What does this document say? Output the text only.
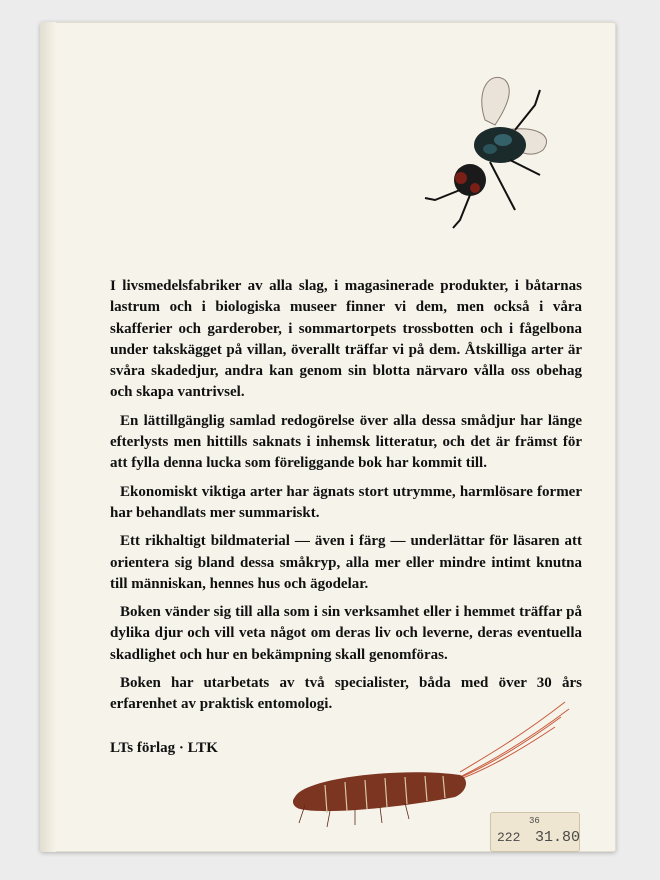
I livsmedelsfabriker av alla slag, i magasinerade produkter, i båtarnas lastrum och i biologiska museer finner vi dem, men också i våra skafferier och garderober, i sommartorpets trossbotten och i fågelbona under takskägget på villan, överallt träffar vi på dem. Åtskilliga arter är svåra skadedjur, andra kan genom sin blotta närvaro vålla oss obehag och skapa vantrivsel.

En lättillgänglig samlad redogörelse över alla dessa smådjur har länge efterlysts men hittills saknats i inhemsk litteratur, och det är främst för att fylla denna lucka som föreliggande bok har kommit till.

Ekonomiskt viktiga arter har ägnats stort utrymme, harmlösare former har behandlats mer summariskt.

Ett rikhaltigt bildmaterial — även i färg — underlättar för läsaren att orientera sig bland dessa småkryp, alla mer eller mindre intimt knutna till människan, hennes hus och ägodelar.

Boken vänder sig till alla som i sin verksamhet eller i hemmet träffar på dylika djur och vill veta något om deras liv och leverne, deras eventuella skadlighet och hur en bekämpning skall genomföras.

Boken har utarbetats av två specialister, båda med över 30 års erfarenhet av praktisk entomologi.

LTs förlag · LTK
36
222 31.80
